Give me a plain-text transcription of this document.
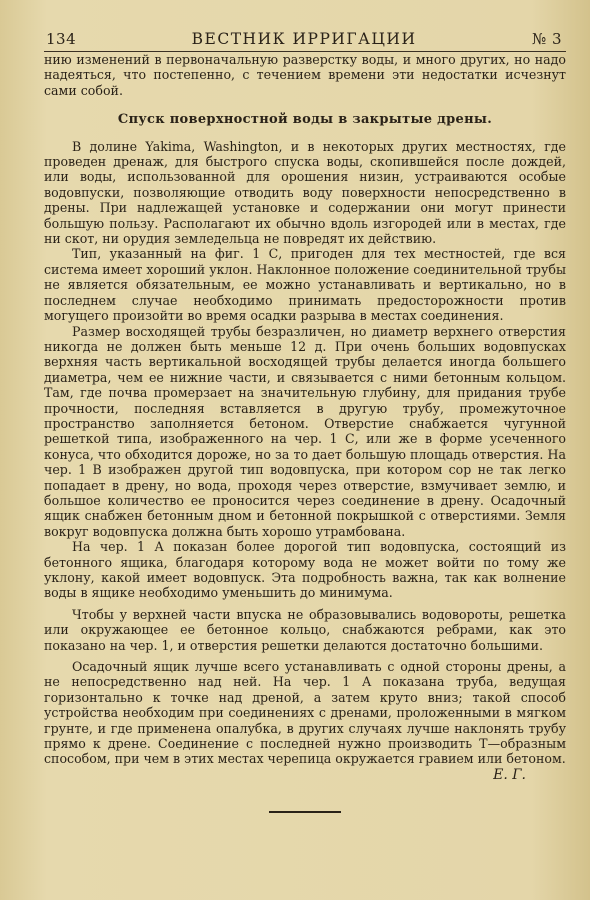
134	ВЕСТНИК ИРРИГАЦИИ	№ 3

нию изменений в первоначальную разверстку воды, и много других, но надо надеяться, что постепенно, с течением времени эти недостатки исчезнут сами собой.

Спуск поверхностной воды в закрытые дрены.

В долине Yakima, Washington, и в некоторых других местностях, где проведен дренаж, для быстрого спуска воды, скопившейся после дождей, или воды, использованной для орошения низин, устраиваются особые водовпуски, позволяющие отводить воду поверхности непосредственно в дрены. При надлежащей установке и содержании они могут принести большую пользу. Располагают их обычно вдоль изгородей или в местах, где ни скот, ни орудия земледельца не повредят их действию.

Тип, указанный на фиг. 1 С, пригоден для тех местностей, где вся система имеет хороший уклон. Наклонное положение соединительной трубы не является обязательным, ее можно устанавливать и вертикально, но в последнем случае необходимо принимать предосторожности против могущего произойти во время осадки разрыва в местах соединения.

Размер восходящей трубы безразличен, но диаметр верхнего отверстия никогда не должен быть меньше 12 д. При очень больших водовпусках верхняя часть вертикальной восходящей трубы делается иногда большего диаметра, чем ее нижние части, и связывается с ними бетонным кольцом. Там, где почва промерзает на значительную глубину, для придания трубе прочности, последняя вставляется в другую трубу, промежуточное пространство заполняется бетоном. Отверстие снабжается чугунной решеткой типа, изображенного на чер. 1 С, или же в форме усеченного конуса, что обходится дороже, но за то дает большую площадь отверстия. На чер. 1 В изображен другой тип водовпуска, при котором сор не так легко попадает в дрену, но вода, проходя через отверстие, взмучивает землю, и большое количество ее проносится через соединение в дрену. Осадочный ящик снабжен бетонным дном и бетонной покрышкой с отверстиями. Земля вокруг водовпуска должна быть хорошо утрамбована.

На чер. 1 А показан более дорогой тип водовпуска, состоящий из бетонного ящика, благодаря которому вода не может войти по тому же уклону, какой имеет водовпуск. Эта подробность важна, так как волнение воды в ящике необходимо уменьшить до минимума.

Чтобы у верхней части впуска не образовывались водовороты, решетка или окружающее ее бетонное кольцо, снабжаются ребрами, как это показано на чер. 1, и отверстия решетки делаются достаточно большими.

Осадочный ящик лучше всего устанавливать с одной стороны дрены, а не непосредственно над ней. На чер. 1 А показана труба, ведущая горизонтально к точке над дреной, а затем круто вниз; такой способ устройства необходим при соединениях с дренами, проложенными в мягком грунте, и где применена опалубка, в других случаях лучше наклонять трубу прямо к дрене. Соединение с последней нужно производить Т—образным способом, при чем в этих местах черепица окружается гравием или бетоном.

Е. Г.
